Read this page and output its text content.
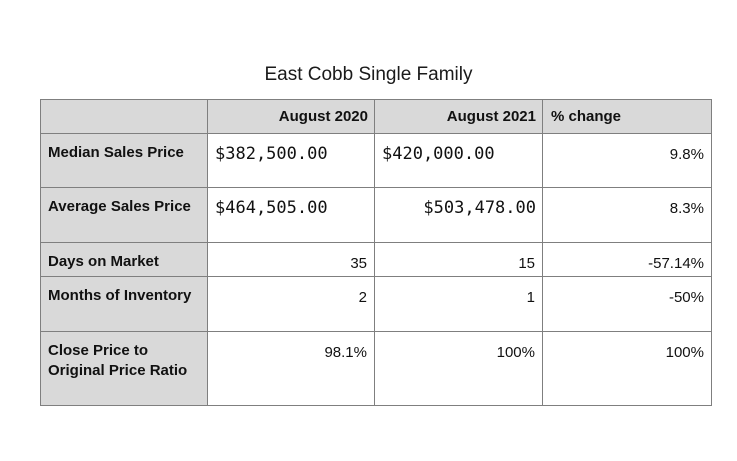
East Cobb Single Family
	August 2020	August 2021	% change
Median Sales Price	$382,500.00	$420,000.00	9.8%
Average Sales Price	$464,505.00	$503,478.00	8.3%
Days on Market	35	15	-57.14%
Months of Inventory	2	1	-50%
Close Price to Original Price Ratio	98.1%	100%	100%
